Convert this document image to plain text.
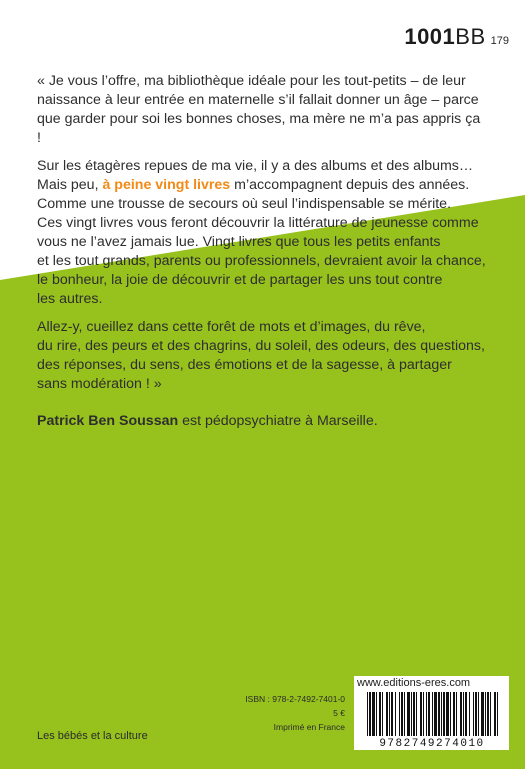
1001BB 179

« Je vous l’offre, ma bibliothèque idéale pour les tout-petits – de leur
naissance à leur entrée en maternelle s’il fallait donner un âge – parce
que garder pour soi les bonnes choses, ma mère ne m’a pas appris ça !

Sur les étagères repues de ma vie, il y a des albums et des albums…
Mais peu, à peine vingt livres m’accompagnent depuis des années.
Comme une trousse de secours où seul l’indispensable se mérite.
Ces vingt livres vous feront découvrir la littérature de jeunesse comme
vous ne l’avez jamais lue. Vingt livres que tous les petits enfants
et les tout grands, parents ou professionnels, devraient avoir la chance,
le bonheur, la joie de découvrir et de partager les uns tout contre
les autres.

Allez-y, cueillez dans cette forêt de mots et d’images, du rêve,
du rire, des peurs et des chagrins, du soleil, des odeurs, des questions,
des réponses, du sens, des émotions et de la sagesse, à partager
sans modération ! »

Patrick Ben Soussan est pédopsychiatre à Marseille.

ISBN : 978-2-7492-7401-0
5 €
Imprimé en France
www.editions-eres.com
9782749274010
Les bébés et la culture
